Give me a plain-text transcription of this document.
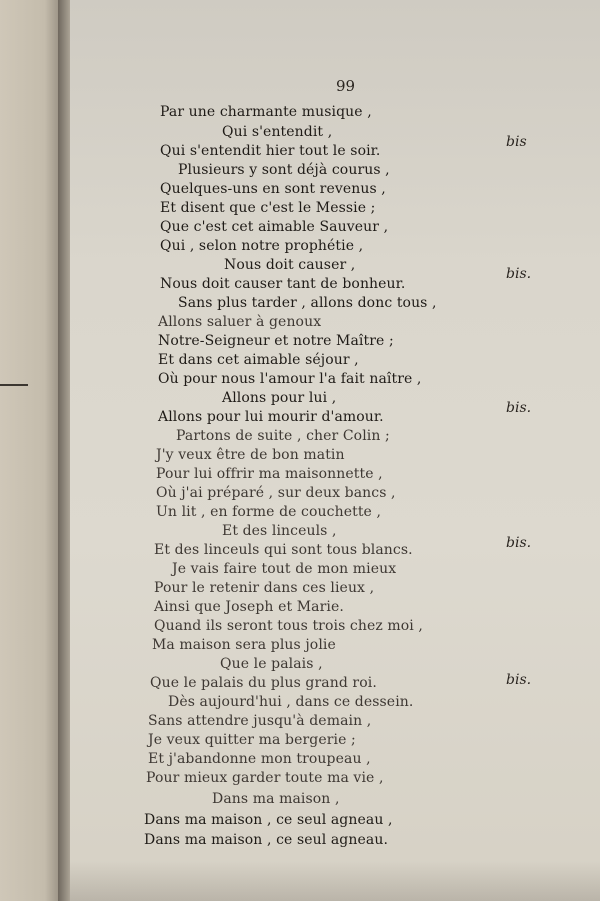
99
Par une charmante musique ,
Qui s'entendit ,
Qui s'entendit hier tout le soir.
Plusieurs y sont déjà courus ,
Quelques-uns en sont revenus ,
Et disent que c'est le Messie ;
Que c'est cet aimable Sauveur ,
Qui , selon notre prophétie ,
Nous doit causer ,
Nous doit causer tant de bonheur.
Sans plus tarder , allons donc tous ,
Allons saluer à genoux
Notre-Seigneur et notre Maître ;
Et dans cet aimable séjour ,
Où pour nous l'amour l'a fait naître ,
Allons pour lui ,
Allons pour lui mourir d'amour.
Partons de suite , cher Colin ;
J'y veux être de bon matin
Pour lui offrir ma maisonnette ,
Où j'ai préparé , sur deux bancs ,
Un lit , en forme de couchette ,
Et des linceuls ,
Et des linceuls qui sont tous blancs.
Je vais faire tout de mon mieux
Pour le retenir dans ces lieux ,
Ainsi que Joseph et Marie.
Quand ils seront tous trois chez moi ,
Ma maison sera plus jolie
Que le palais ,
Que le palais du plus grand roi.
Dès aujourd'hui , dans ce dessein.
Sans attendre jusqu'à demain ,
Je veux quitter ma bergerie ;
Et j'abandonne mon troupeau ,
Pour mieux garder toute ma vie ,
Dans ma maison ,
Dans ma maison , ce seul agneau ,
Dans ma maison , ce seul agneau.
bis
bis.
bis.
bis.
bis.
